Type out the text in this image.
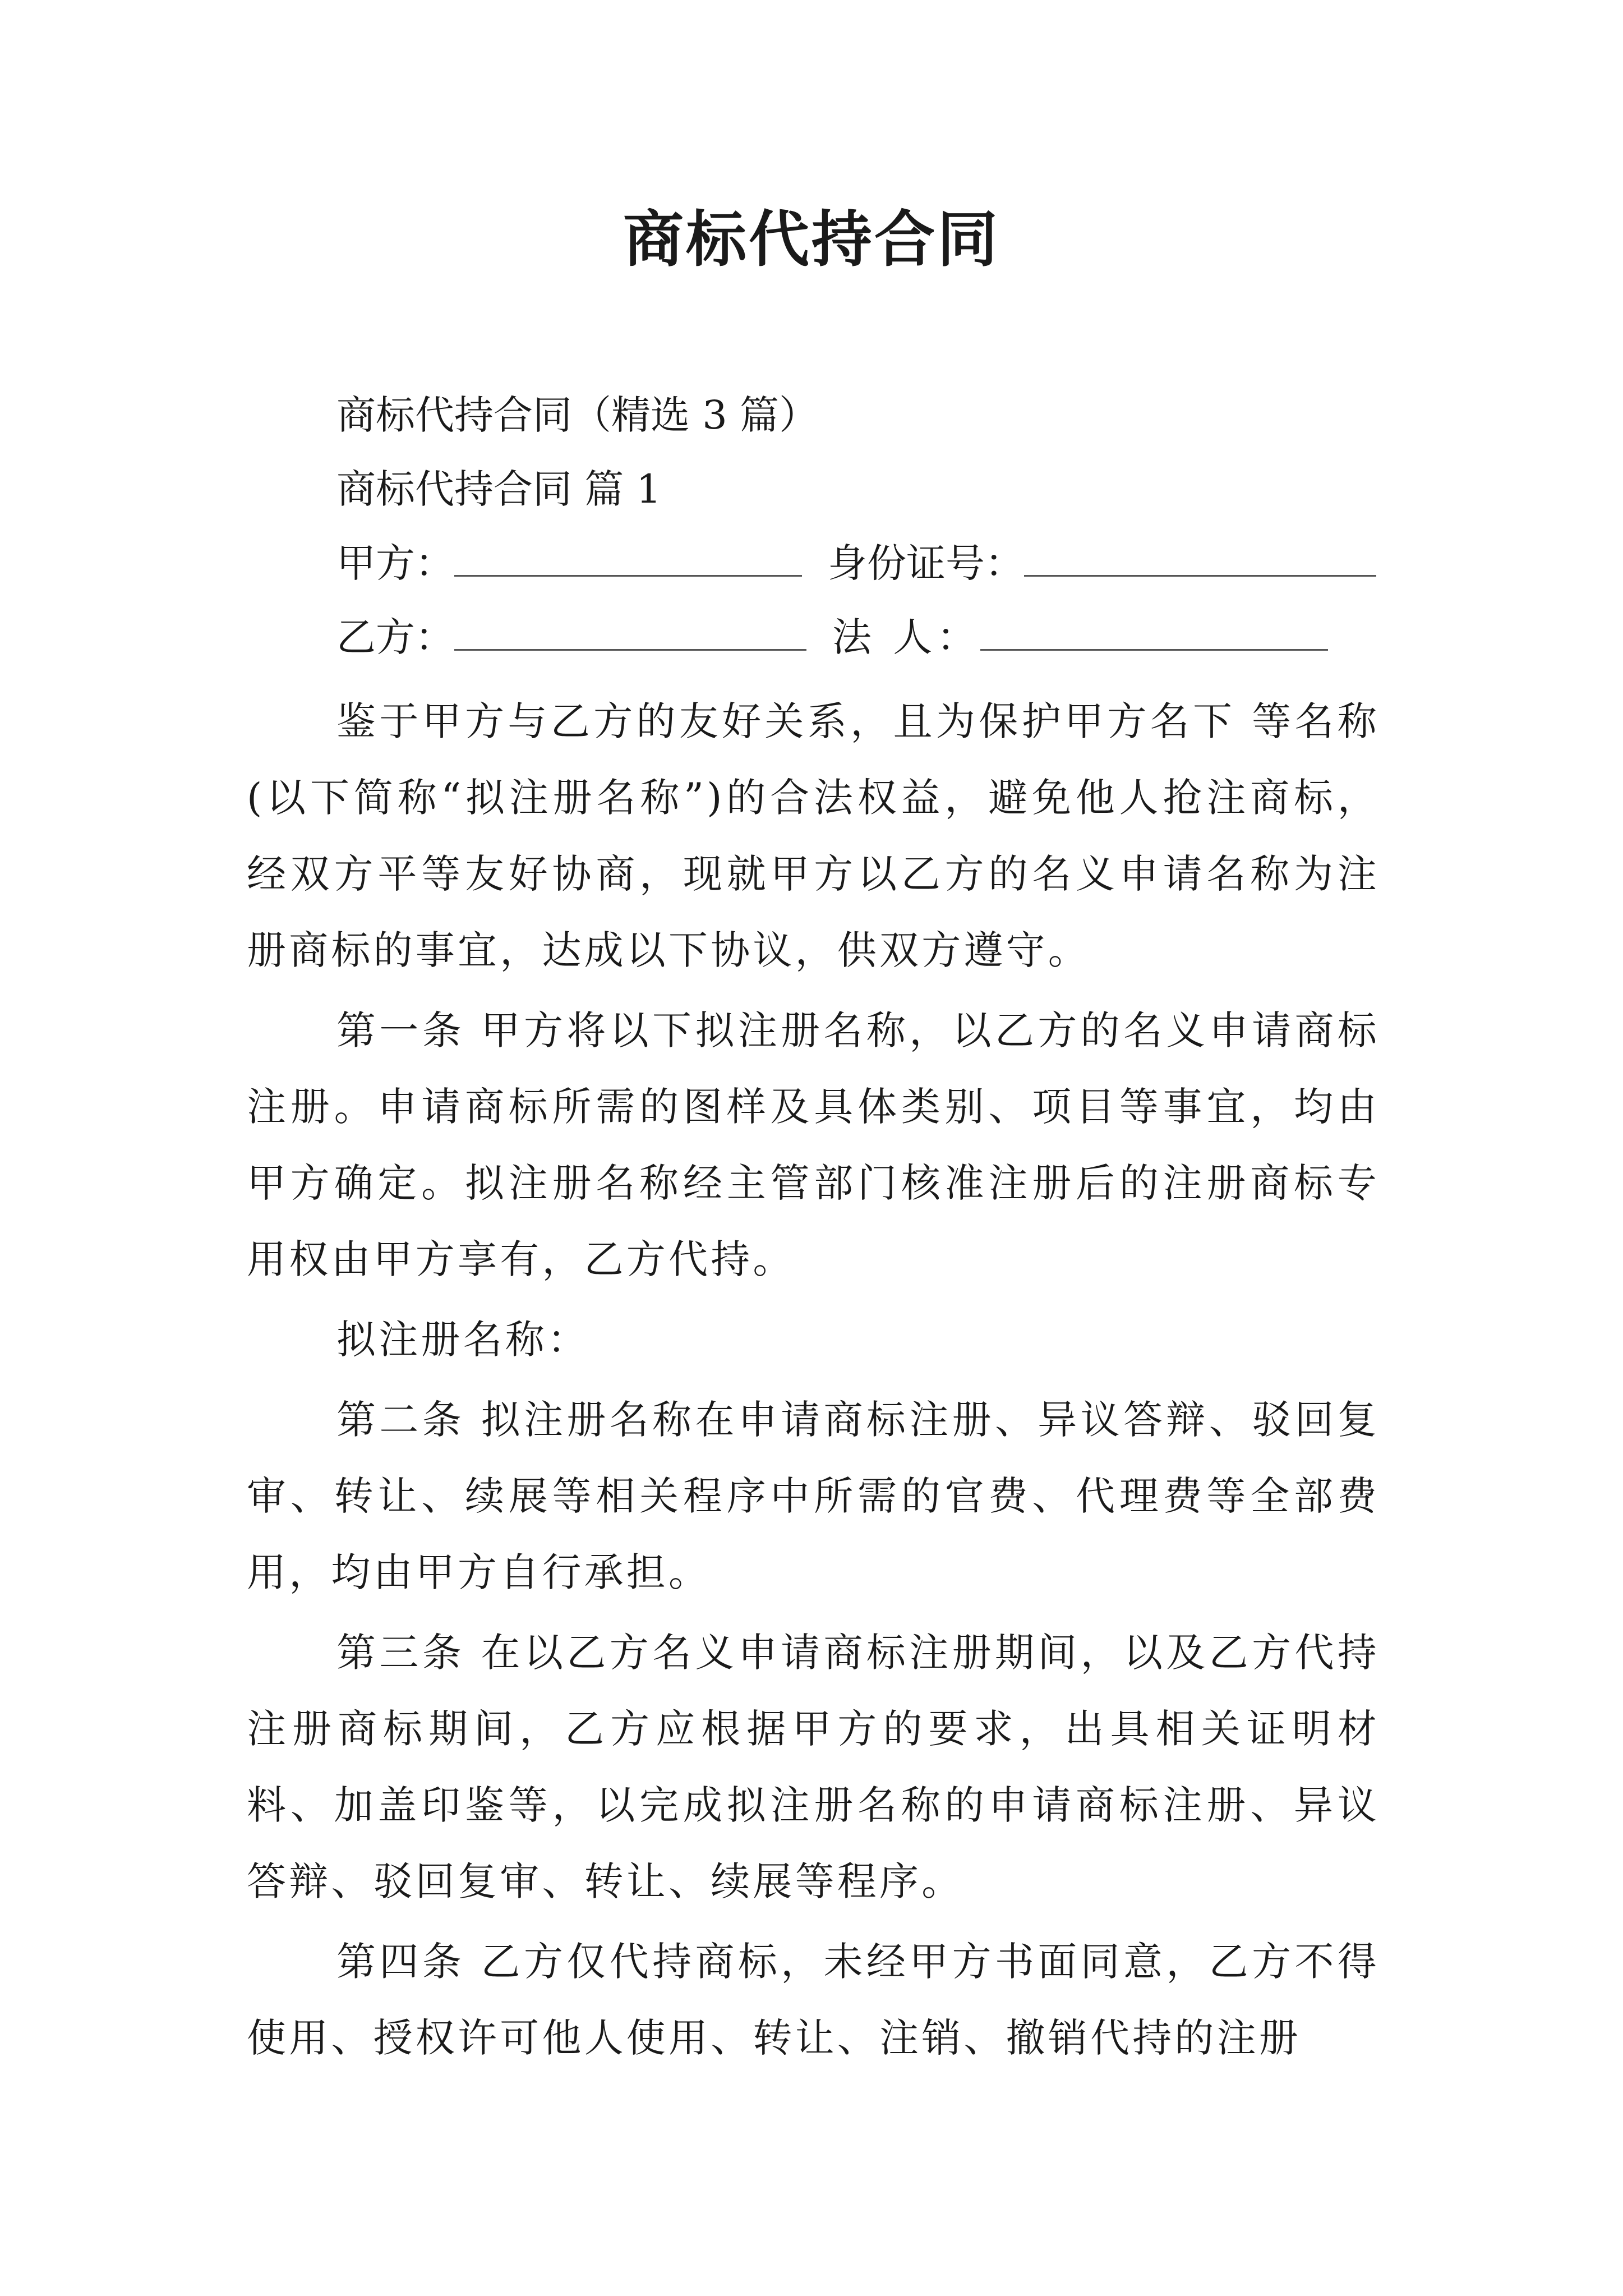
商标代持合同

商标代持合同（精选 3 篇）

商标代持合同 篇 1

甲方：	身份证号：
乙方：	法 人：

鉴于甲方与乙方的友好关系，且为保护甲方名下 等名称(以下简称“拟注册名称”)的合法权益，避免他人抢注商标，经双方平等友好协商，现就甲方以乙方的名义申请名称为注册商标的事宜，达成以下协议，供双方遵守。

第一条 甲方将以下拟注册名称，以乙方的名义申请商标注册。申请商标所需的图样及具体类别、项目等事宜，均由甲方确定。拟注册名称经主管部门核准注册后的注册商标专用权由甲方享有，乙方代持。

拟注册名称：

第二条 拟注册名称在申请商标注册、异议答辩、驳回复审、转让、续展等相关程序中所需的官费、代理费等全部费用，均由甲方自行承担。

第三条 在以乙方名义申请商标注册期间，以及乙方代持注册商标期间，乙方应根据甲方的要求，出具相关证明材料、加盖印鉴等，以完成拟注册名称的申请商标注册、异议答辩、驳回复审、转让、续展等程序。

第四条 乙方仅代持商标，未经甲方书面同意，乙方不得使用、授权许可他人使用、转让、注销、撤销代持的注册
